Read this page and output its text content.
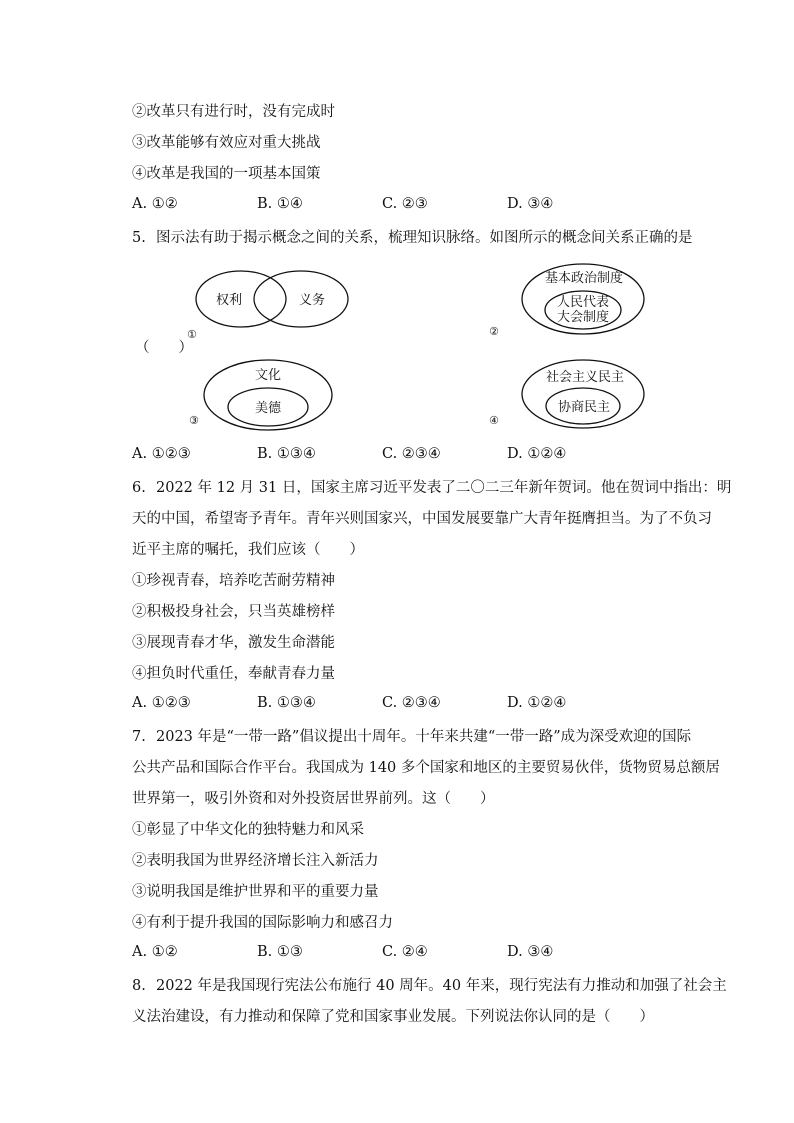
②改革只有进行时，没有完成时
③改革能够有效应对重大挑战
④改革是我国的一项基本国策
A. ①②	B. ①④	C. ②③	D. ③④
5. 图示法有助于揭示概念之间的关系，梳理知识脉络。如图所示的概念间关系正确的是
权利	义务
①
基本政治制度
人民代表
大会制度
②
文化
美德
③
社会主义民主
协商民主
④
（　　）
A. ①②③	B. ①③④	C. ②③④	D. ①②④
6. 2022 年 12 月 31 日，国家主席习近平发表了二〇二三年新年贺词。他在贺词中指出：明
天的中国，希望寄予青年。青年兴则国家兴，中国发展要靠广大青年挺膺担当。为了不负习
近平主席的嘱托，我们应该（　　）
①珍视青春，培养吃苦耐劳精神
②积极投身社会，只当英雄榜样
③展现青春才华，激发生命潜能
④担负时代重任，奉献青春力量
A. ①②③	B. ①③④	C. ②③④	D. ①②④
7. 2023 年是“一带一路”倡议提出十周年。十年来共建“一带一路”成为深受欢迎的国际
公共产品和国际合作平台。我国成为 140 多个国家和地区的主要贸易伙伴，货物贸易总额居
世界第一，吸引外资和对外投资居世界前列。这（　　）
①彰显了中华文化的独特魅力和风采
②表明我国为世界经济增长注入新活力
③说明我国是维护世界和平的重要力量
④有利于提升我国的国际影响力和感召力
A. ①②	B. ①③	C. ②④	D. ③④
8. 2022 年是我国现行宪法公布施行 40 周年。40 年来，现行宪法有力推动和加强了社会主
义法治建设，有力推动和保障了党和国家事业发展。下列说法你认同的是（　　）
